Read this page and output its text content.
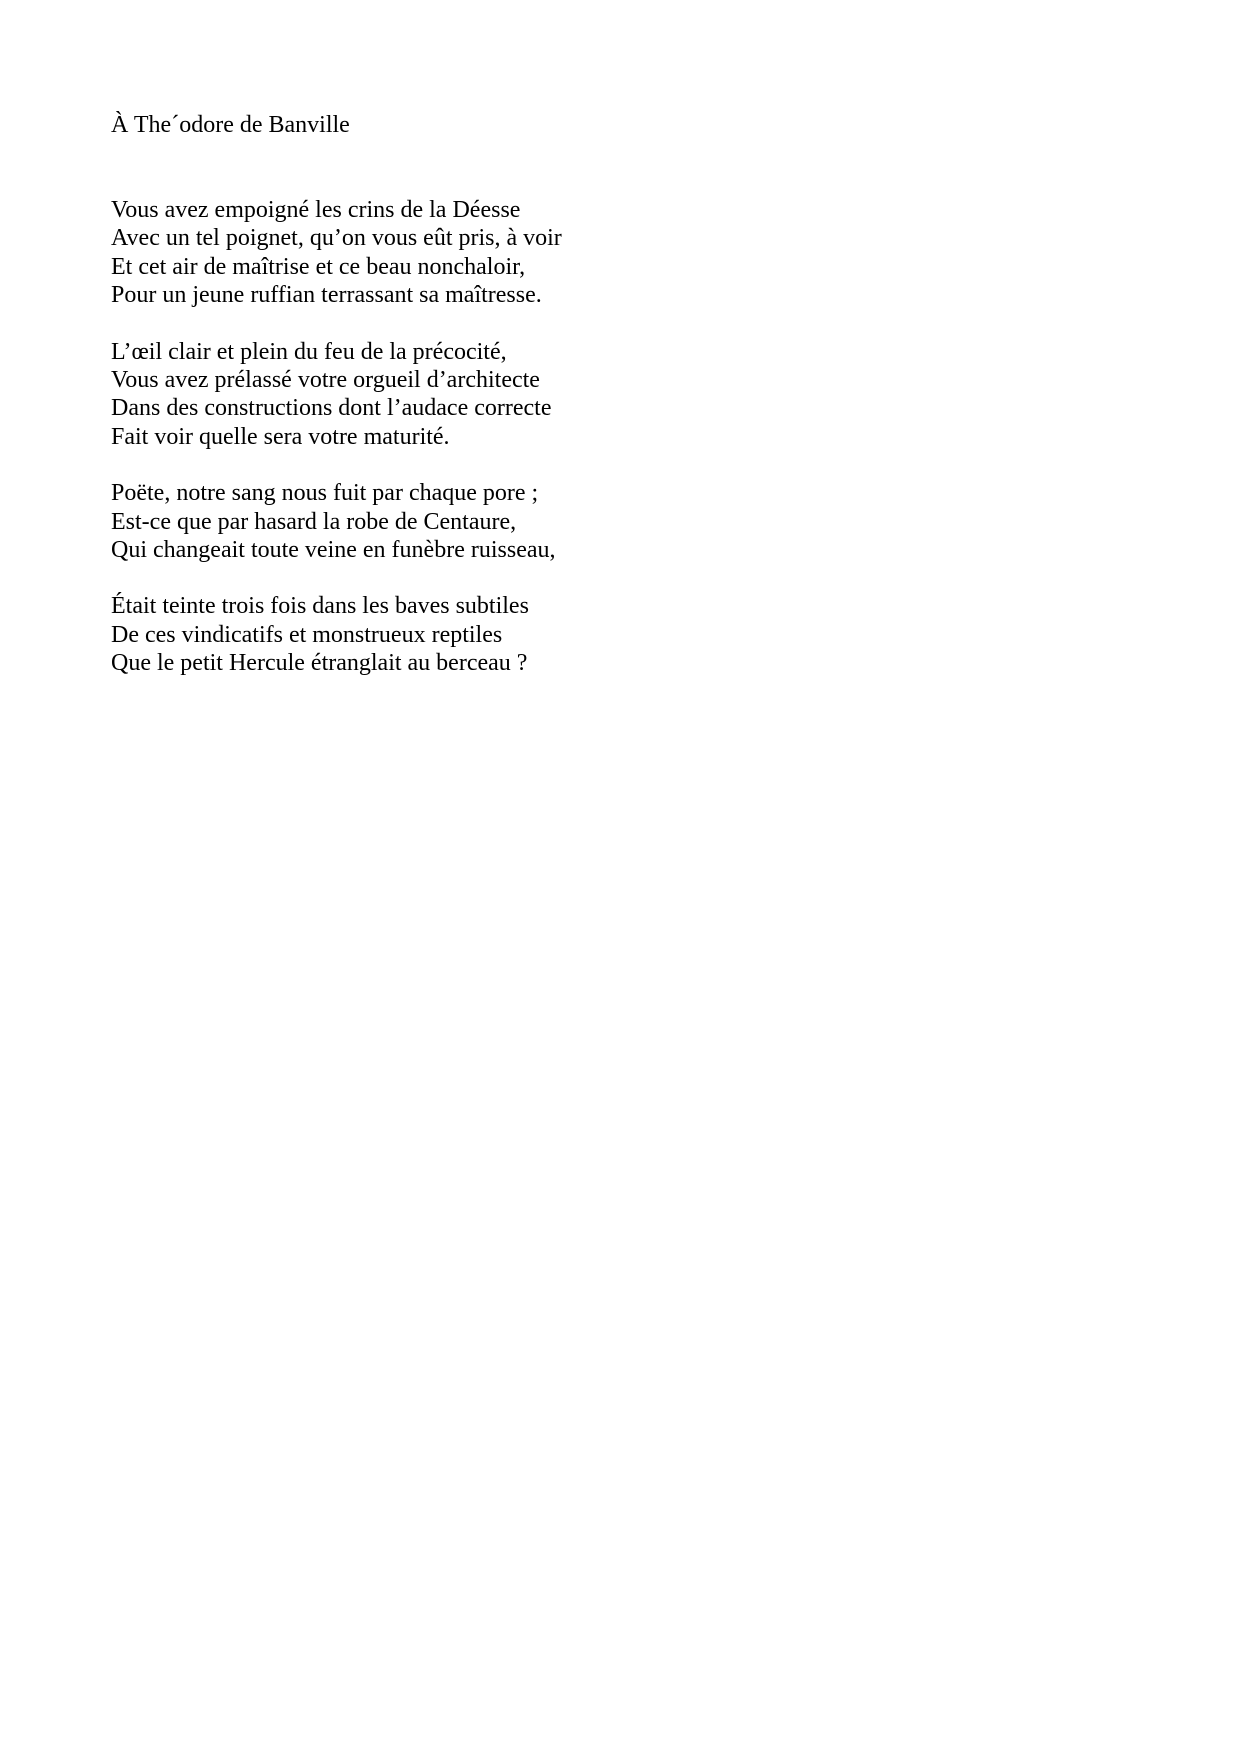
À The´odore de Banville
Vous avez empoigné les crins de la Déesse
Avec un tel poignet, qu’on vous eût pris, à voir
Et cet air de maîtrise et ce beau nonchaloir,
Pour un jeune ruffian terrassant sa maîtresse.
L’œil clair et plein du feu de la précocité,
Vous avez prélassé votre orgueil d’architecte
Dans des constructions dont l’audace correcte
Fait voir quelle sera votre maturité.
Poëte, notre sang nous fuit par chaque pore ;
Est-ce que par hasard la robe de Centaure,
Qui changeait toute veine en funèbre ruisseau,
Était teinte trois fois dans les baves subtiles
De ces vindicatifs et monstrueux reptiles
Que le petit Hercule étranglait au berceau ?
